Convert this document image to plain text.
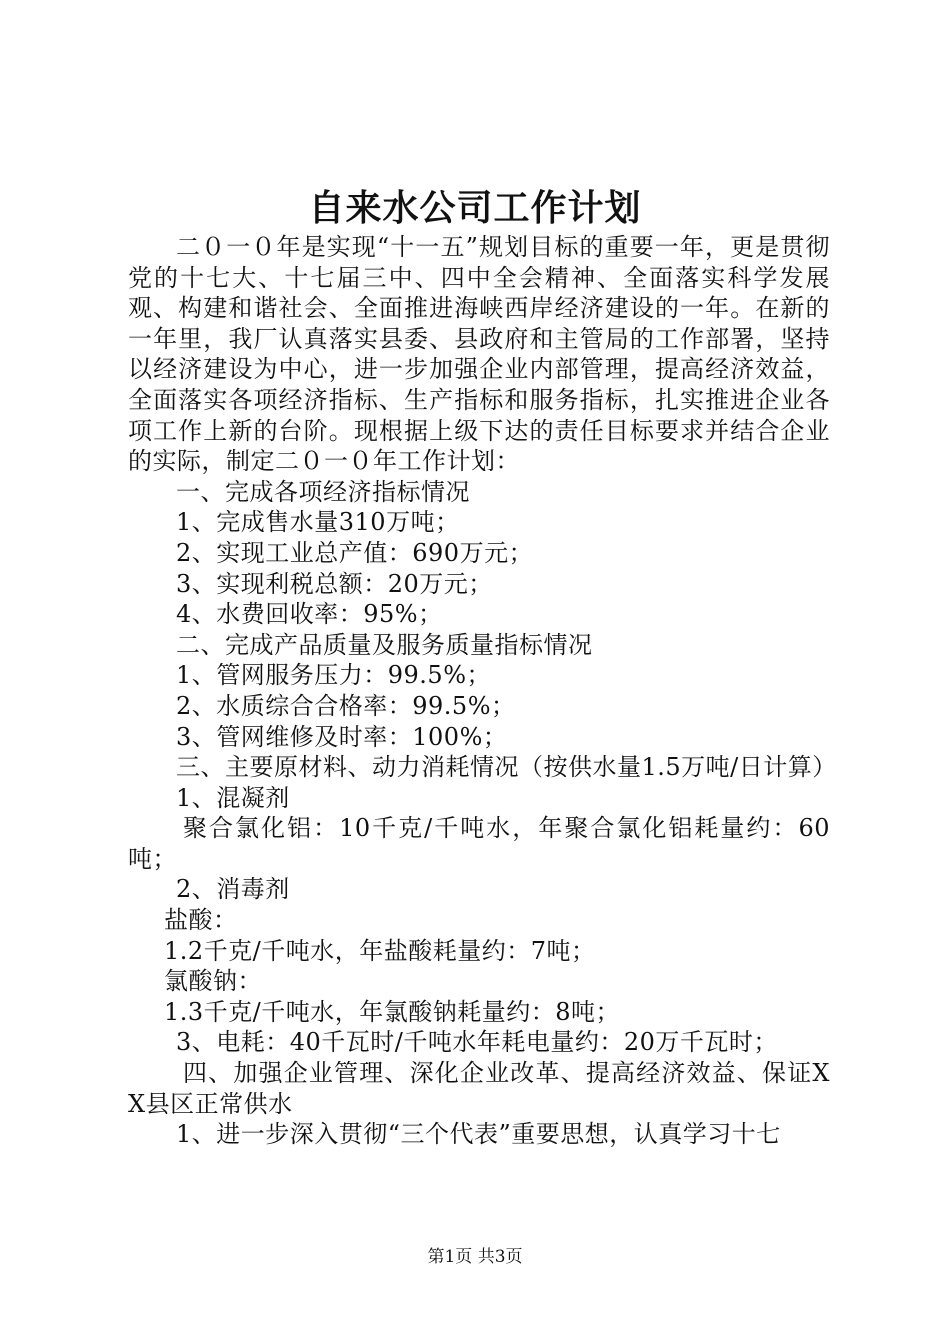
自来水公司工作计划

二０一０年是实现“十一五”规划目标的重要一年，更是贯彻党的十七大、十七届三中、四中全会精神、全面落实科学发展观、构建和谐社会、全面推进海峡西岸经济建设的一年。在新的一年里，我厂认真落实县委、县政府和主管局的工作部署，坚持以经济建设为中心，进一步加强企业内部管理，提高经济效益，全面落实各项经济指标、生产指标和服务指标，扎实推进企业各项工作上新的台阶。现根据上级下达的责任目标要求并结合企业的实际，制定二０一０年工作计划：

一、完成各项经济指标情况

1、完成售水量310万吨；

2、实现工业总产值：690万元；

3、实现利税总额：20万元；

4、水费回收率：95%；

二、完成产品质量及服务质量指标情况

1、管网服务压力：99.5%；

2、水质综合合格率：99.5%；

3、管网维修及时率：100%；

三、主要原材料、动力消耗情况（按供水量1.5万吨/日计算）

1、混凝剂

聚合氯化铝：10千克/千吨水，年聚合氯化铝耗量约：60吨；

2、消毒剂

盐酸：

1.2千克/千吨水，年盐酸耗量约：7吨；

氯酸钠：

1.3千克/千吨水，年氯酸钠耗量约：8吨；

3、电耗：40千瓦时/千吨水年耗电量约：20万千瓦时；

四、加强企业管理、深化企业改革、提高经济效益、保证XX县区正常供水

1、进一步深入贯彻“三个代表”重要思想，认真学习十七

第1页 共3页
